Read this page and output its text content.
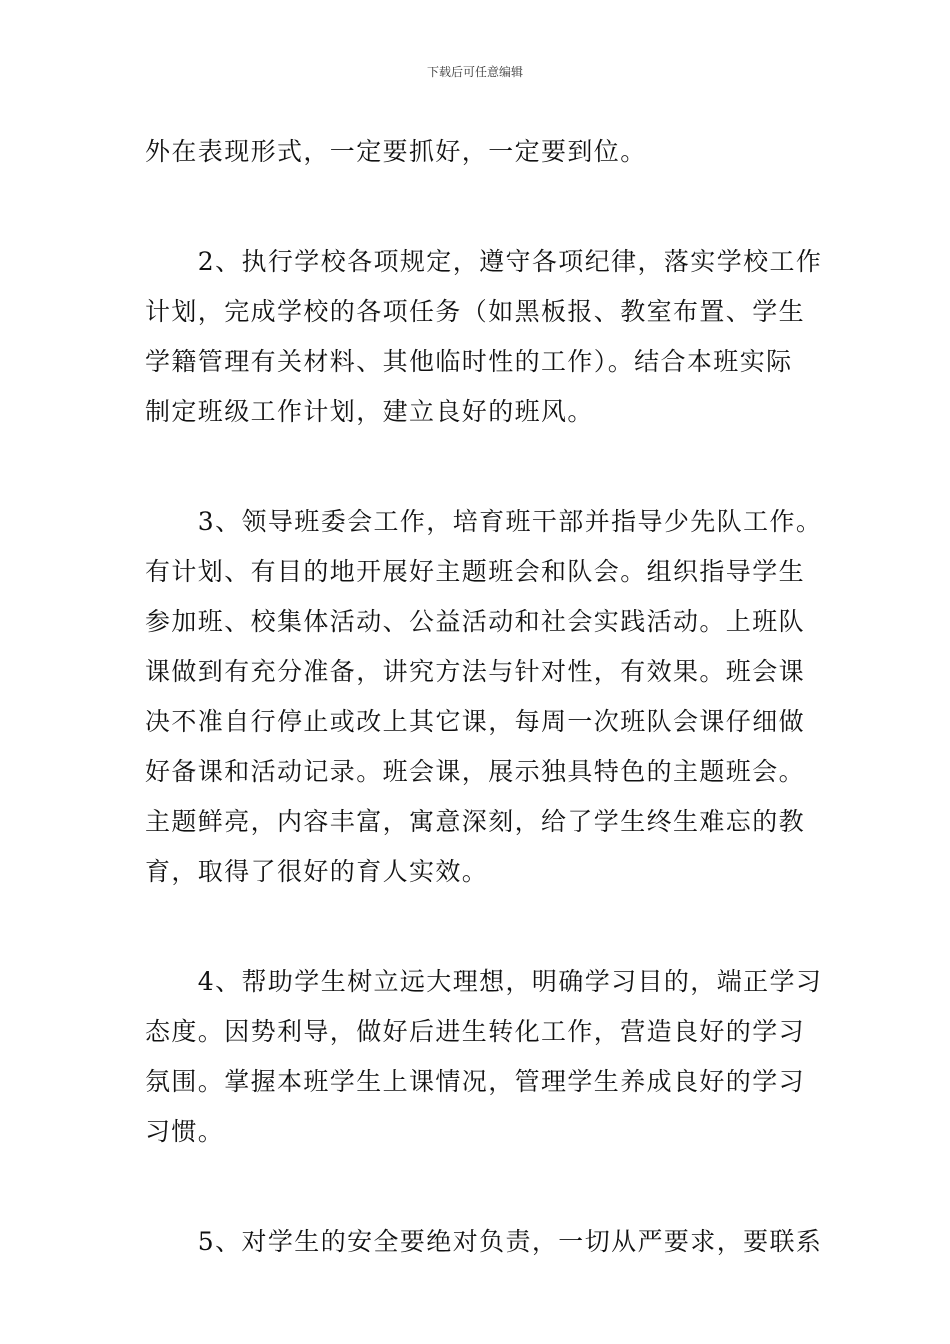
下载后可任意编辑
外在表现形式，一定要抓好，一定要到位。
　　2、执行学校各项规定，遵守各项纪律，落实学校工作
计划，完成学校的各项任务（如黑板报、教室布置、学生
学籍管理有关材料、其他临时性的工作）。结合本班实际
制定班级工作计划，建立良好的班风。
　　3、领导班委会工作，培育班干部并指导少先队工作。
有计划、有目的地开展好主题班会和队会。组织指导学生
参加班、校集体活动、公益活动和社会实践活动。上班队
课做到有充分准备，讲究方法与针对性，有效果。班会课
决不准自行停止或改上其它课，每周一次班队会课仔细做
好备课和活动记录。班会课，展示独具特色的主题班会。
主题鲜亮，内容丰富，寓意深刻，给了学生终生难忘的教
育，取得了很好的育人实效。
　　4、帮助学生树立远大理想，明确学习目的，端正学习
态度。因势利导，做好后进生转化工作，营造良好的学习
氛围。掌握本班学生上课情况，管理学生养成良好的学习
习惯。
　　5、对学生的安全要绝对负责，一切从严要求，要联系
